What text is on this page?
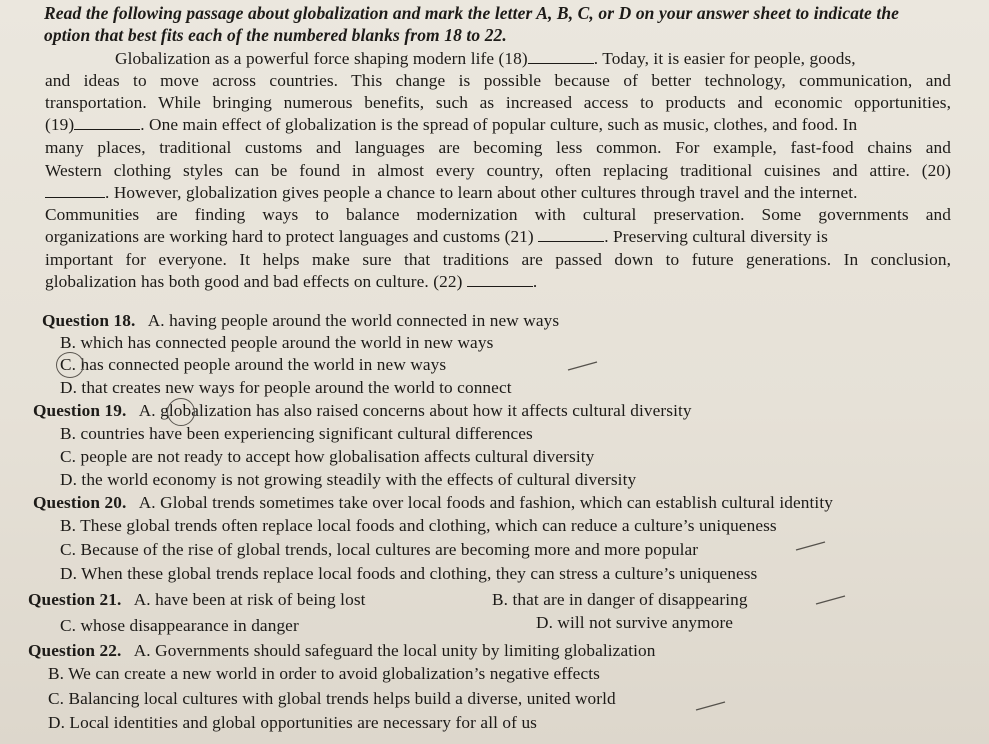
Read the following passage about globalization and mark the letter A, B, C, or D on your answer sheet to indicate the
option that best fits each of the numbered blanks from 18 to 22.
Globalization as a powerful force shaping modern life (18)	. Today, it is easier for people, goods,
and ideas to move across countries. This change is possible because of better technology, communication, and
transportation. While bringing numerous benefits, such as increased access to products and economic opportunities,
(19)	. One main effect of globalization is the spread of popular culture, such as music, clothes, and food. In
many places, traditional customs and languages are becoming less common. For example, fast-food chains and
Western clothing styles can be found in almost every country, often replacing traditional cuisines and attire. (20)
. However, globalization gives people a chance to learn about other cultures through travel and the internet.
Communities are finding ways to balance modernization with cultural preservation. Some governments and
organizations are working hard to protect languages and customs (21)	. Preserving cultural diversity is
important for everyone. It helps make sure that traditions are passed down to future generations. In conclusion,
globalization has both good and bad effects on culture. (22)	.
Question 18. A. having people around the world connected in new ways
B. which has connected people around the world in new ways
C. has connected people around the world in new ways
D. that creates new ways for people around the world to connect
Question 19. A. globalization has also raised concerns about how it affects cultural diversity
B. countries have been experiencing significant cultural differences
C. people are not ready to accept how globalisation affects cultural diversity
D. the world economy is not growing steadily with the effects of cultural diversity
Question 20. A. Global trends sometimes take over local foods and fashion, which can establish cultural identity
B. These global trends often replace local foods and clothing, which can reduce a culture’s uniqueness
C. Because of the rise of global trends, local cultures are becoming more and more popular
D. When these global trends replace local foods and clothing, they can stress a culture’s uniqueness
Question 21. A. have been at risk of being lost	B. that are in danger of disappearing
C. whose disappearance in danger	D. will not survive anymore
Question 22. A. Governments should safeguard the local unity by limiting globalization
B. We can create a new world in order to avoid globalization’s negative effects
C. Balancing local cultures with global trends helps build a diverse, united world
D. Local identities and global opportunities are necessary for all of us
